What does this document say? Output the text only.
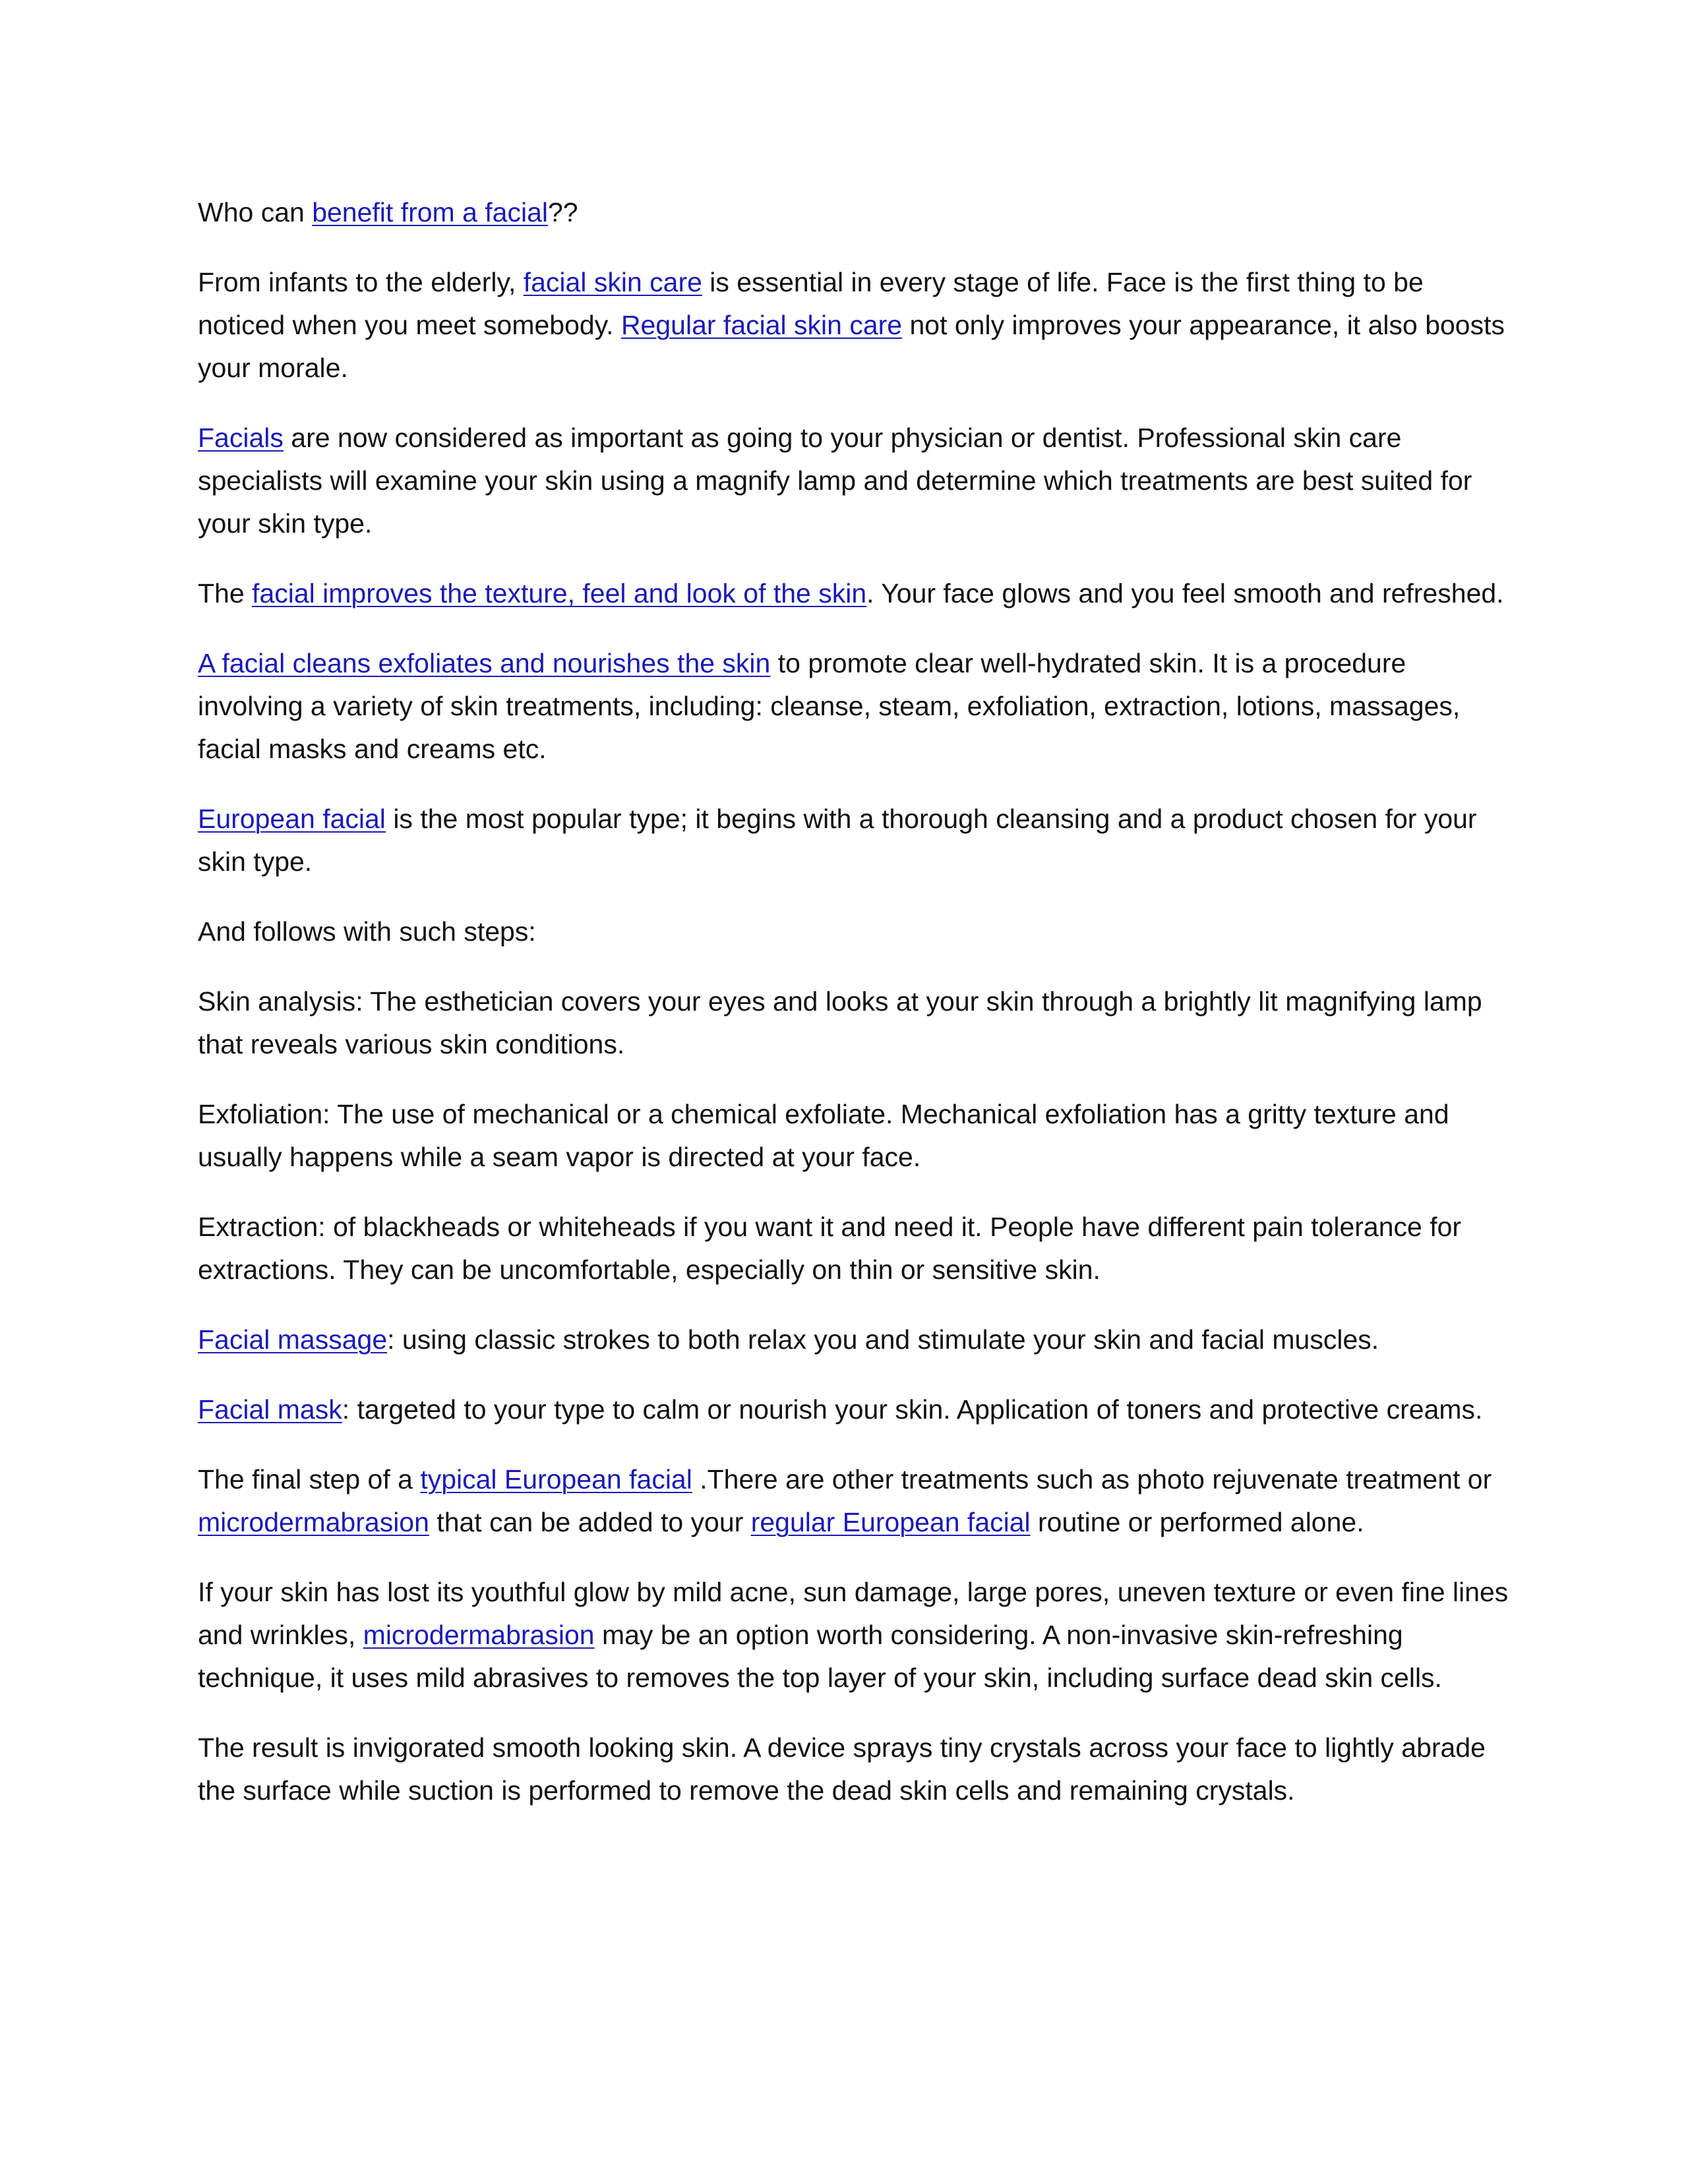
Who can benefit from a facial??

From infants to the elderly, facial skin care is essential in every stage of life. Face is the first thing to be noticed when you meet somebody. Regular facial skin care not only improves your appearance, it also boosts your morale.

Facials are now considered as important as going to your physician or dentist. Professional skin care specialists will examine your skin using a magnify lamp and determine which treatments are best suited for your skin type.

The facial improves the texture, feel and look of the skin. Your face glows and you feel smooth and refreshed.

A facial cleans exfoliates and nourishes the skin to promote clear well-hydrated skin. It is a procedure involving a variety of skin treatments, including: cleanse, steam, exfoliation, extraction, lotions, massages, facial masks and creams etc.

European facial is the most popular type; it begins with a thorough cleansing and a product chosen for your skin type.

And follows with such steps:

Skin analysis: The esthetician covers your eyes and looks at your skin through a brightly lit magnifying lamp that reveals various skin conditions.

Exfoliation: The use of mechanical or a chemical exfoliate. Mechanical exfoliation has a gritty texture and usually happens while a seam vapor is directed at your face.

Extraction: of blackheads or whiteheads if you want it and need it. People have different pain tolerance for extractions. They can be uncomfortable, especially on thin or sensitive skin.

Facial massage: using classic strokes to both relax you and stimulate your skin and facial muscles.

Facial mask: targeted to your type to calm or nourish your skin. Application of toners and protective creams.

The final step of a typical European facial .There are other treatments such as photo rejuvenate treatment or microdermabrasion that can be added to your regular European facial routine or performed alone.

If your skin has lost its youthful glow by mild acne, sun damage, large pores, uneven texture or even fine lines and wrinkles, microdermabrasion may be an option worth considering. A non-invasive skin-refreshing technique, it uses mild abrasives to removes the top layer of your skin, including surface dead skin cells.

The result is invigorated smooth looking skin. A device sprays tiny crystals across your face to lightly abrade the surface while suction is performed to remove the dead skin cells and remaining crystals.
